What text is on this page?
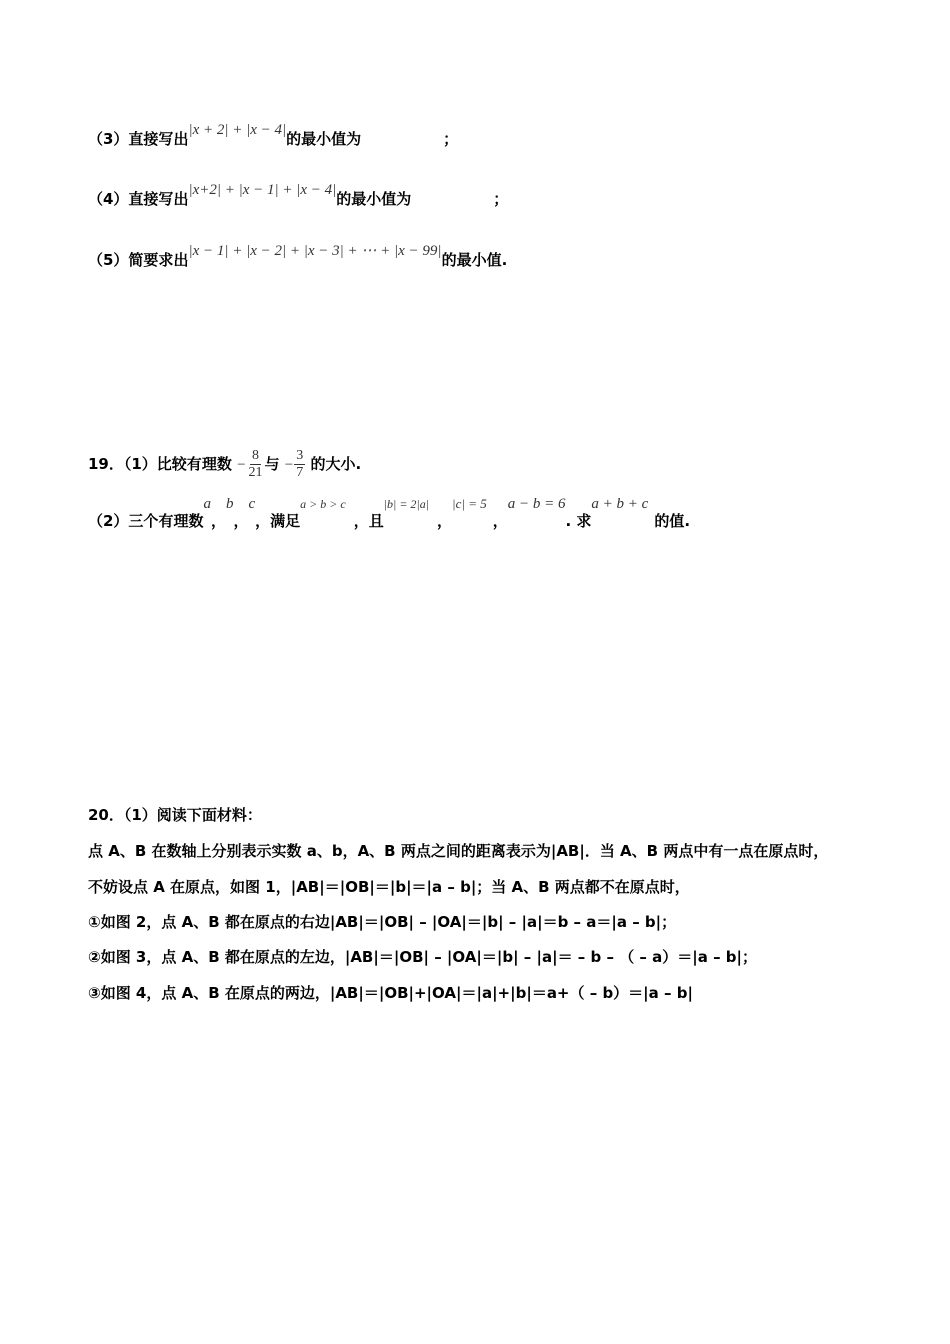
（3）直接写出|x + 2| + |x − 4|的最小值为	；
（4）直接写出|x+2| + |x − 1| + |x − 4|的最小值为	；
（5）简要求出|x − 1| + |x − 2| + |x − 3| + ⋯ + |x − 99|的最小值.
19．（1）比较有理数 − $\frac{8}{21}$ 与 − $\frac{3}{7}$ 的大小.
（2）三个有理数a，b，c，满足a > b > c，且|b| = 2|a|，|c| = 5，a − b = 6. 求a + b + c的值.
20．（1）阅读下面材料：
点 A、B 在数轴上分别表示实数 a、b，A、B 两点之间的距离表示为|AB|．当 A、B 两点中有一点在原点时，
不妨设点 A 在原点，如图 1，|AB|＝|OB|＝|b|＝|a – b|；当 A、B 两点都不在原点时，
①如图 2，点 A、B 都在原点的右边|AB|＝|OB| – |OA|＝|b| – |a|＝b – a＝|a – b|；
②如图 3，点 A、B 都在原点的左边，|AB|＝|OB| – |OA|＝|b| – |a|＝ – b – （ – a）＝|a – b|；
③如图 4，点 A、B 在原点的两边，|AB|＝|OB|+|OA|＝|a|+|b|＝a+（ – b）＝|a – b|
